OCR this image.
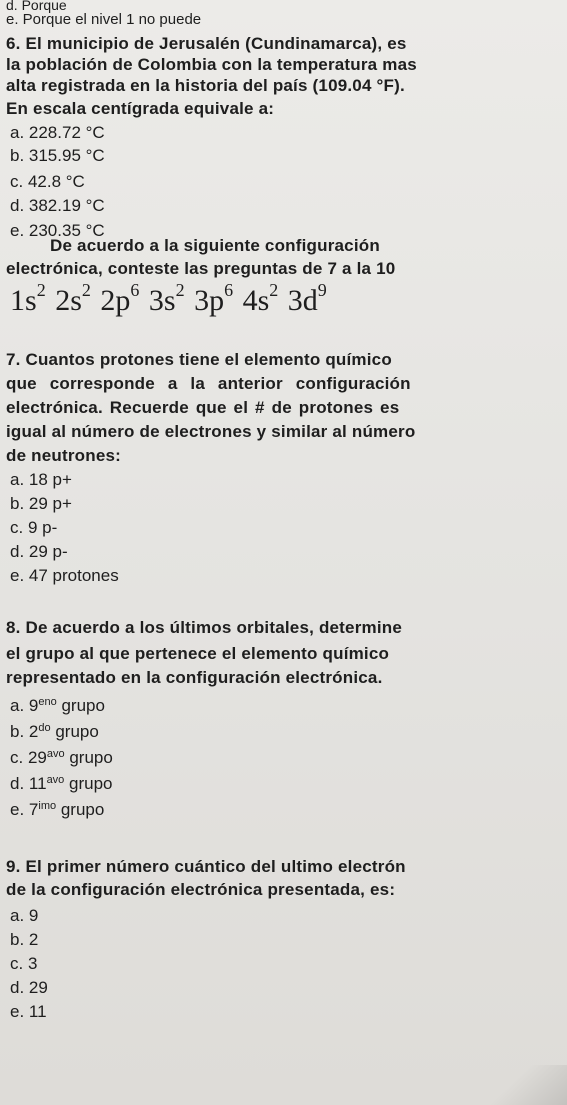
d. Porque
e. Porque el nivel 1 no puede
6. El municipio de Jerusalén (Cundinamarca), es
la población de Colombia con la temperatura mas
alta registrada en la historia del país (109.04 °F).
En escala centígrada equivale a:
a. 228.72 °C
b. 315.95 °C
c. 42.8 °C
d. 382.19 °C
e. 230.35 °C
De acuerdo a la siguiente configuración
electrónica, conteste las preguntas de 7 a la 10
$1s^2$ $2s^2$ $2p^6$ $3s^2$ $3p^6$ $4s^2$ $3d^9$
7. Cuantos protones tiene el elemento químico
que corresponde a la anterior configuración
electrónica. Recuerde que el # de protones es
igual al número de electrones y similar al número
de neutrones:
a. 18 p+
b. 29 p+
c. 9 p-
d. 29 p-
e. 47 protones
8. De acuerdo a los últimos orbitales, determine
el grupo al que pertenece el elemento químico
representado en la configuración electrónica.
a. $9^{eno}$ grupo
b. $2^{do}$ grupo
c. $29^{avo}$ grupo
d. $11^{avo}$ grupo
e. $7^{imo}$ grupo
9. El primer número cuántico del ultimo electrón
de la configuración electrónica presentada, es:
a. 9
b. 2
c. 3
d. 29
e. 11
